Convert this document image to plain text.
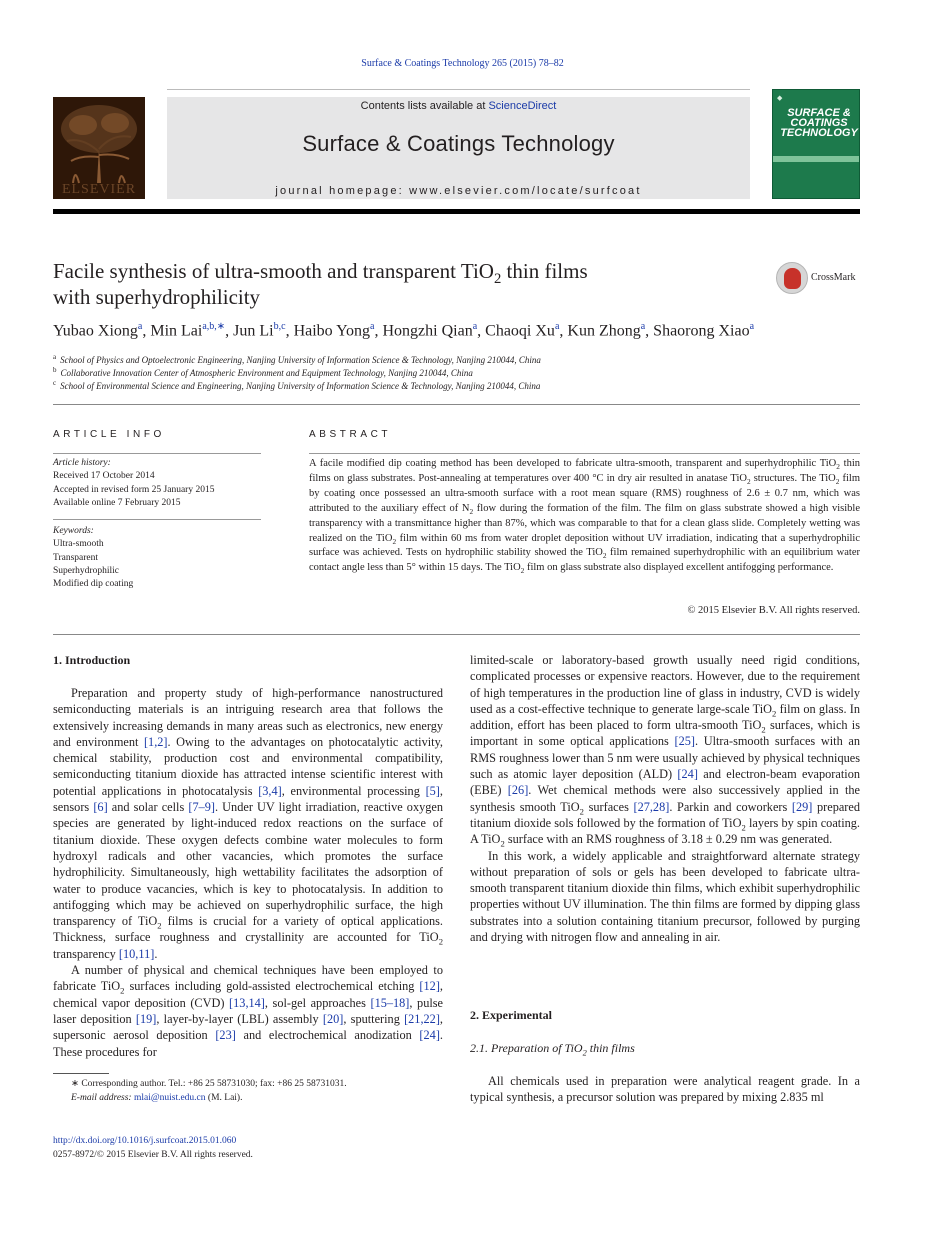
Surface & Coatings Technology 265 (2015) 78–82
ELSEVIER
Contents lists available at ScienceDirect
Surface & Coatings Technology
journal homepage: www.elsevier.com/locate/surfcoat
◆
SURFACE & COATINGS TECHNOLOGY
Facile synthesis of ultra-smooth and transparent TiO$_2$ thin films
with superhydrophilicity
CrossMark
Yubao Xiong$^a$, Min Lai$^{a,b,∗}$, Jun Li$^{b,c}$, Haibo Yong$^a$, Hongzhi Qian$^a$, Chaoqi Xu$^a$, Kun Zhong$^a$, Shaorong Xiao$^a$
$^a$ School of Physics and Optoelectronic Engineering, Nanjing University of Information Science & Technology, Nanjing 210044, China
$^b$ Collaborative Innovation Center of Atmospheric Environment and Equipment Technology, Nanjing 210044, China
$^c$ School of Environmental Science and Engineering, Nanjing University of Information Science & Technology, Nanjing 210044, China
ARTICLE INFO	ABSTRACT
Article history:
Received 17 October 2014
Accepted in revised form 25 January 2015
Available online 7 February 2015
Keywords:
Ultra-smooth
Transparent
Superhydrophilic
Modified dip coating
A facile modified dip coating method has been developed to fabricate ultra-smooth, transparent and superhydrophilic TiO$_2$ thin films on glass substrates. Post-annealing at temperatures over 400 °C in dry air resulted in anatase TiO$_2$ structures. The TiO$_2$ film by coating once possessed an ultra-smooth surface with a root mean square (RMS) roughness of 2.6 ± 0.7 nm, which was attributed to the auxiliary effect of $N_2$ flow during the formation of the film. The film on glass substrate showed a high visible transparency with a transmittance higher than 87%, which was comparable to that for a clean glass slide. Completely wetting was realized on the TiO$_2$ film within 60 ms from water droplet deposition without UV irradiation, indicating that a superhydrophilic surface was achieved. Tests on hydrophilic stability showed the TiO$_2$ film remained superhydrophilic with an equilibrium water contact angle less than 5° within 15 days. The TiO$_2$ film on glass substrate also displayed excellent antifogging performance.
© 2015 Elsevier B.V. All rights reserved.
1. Introduction

Preparation and property study of high-performance nanostructured semiconducting materials is an intriguing research area that follows the extensively increasing demands in many areas such as electronics, new energy and environment [1,2]. Owing to the advantages on photocatalytic activity, chemical stability, production cost and environmental compatibility, semiconducting titanium dioxide has attracted intense scientific interest with potential applications in photocatalysis [3,4], environmental processing [5], sensors [6] and solar cells [7–9]. Under UV light irradiation, reactive oxygen species are generated by light-induced redox reactions on the surface of titanium dioxide. These oxygen defects combine water molecules to form hydroxyl radicals and other vacancies, which promotes the surface hydrophilicity. Simultaneously, high wettability facilitates the adsorption of water to produce vacancies, which is key to photocatalysis. In addition to antifogging which may be achieved on superhydrophilic surface, the high transparency of TiO$_2$ films is crucial for a variety of optical applications. Thickness, surface roughness and crystallinity are accounted for TiO$_2$ transparency [10,11].

A number of physical and chemical techniques have been employed to fabricate TiO$_2$ surfaces including gold-assisted electrochemical etching [12], chemical vapor deposition (CVD) [13,14], sol-gel approaches [15–18], pulse laser deposition [19], layer-by-layer (LBL) assembly [20], sputtering [21,22], supersonic aerosol deposition [23] and electrochemical anodization [24]. These procedures for

limited-scale or laboratory-based growth usually need rigid conditions, complicated processes or expensive reactors. However, due to the requirement of high temperatures in the production line of glass in industry, CVD is widely used as a cost-effective technique to generate large-scale TiO$_2$ film on glass. In addition, effort has been placed to form ultra-smooth TiO$_2$ surfaces, which is important in some optical applications [25]. Ultra-smooth surfaces with an RMS roughness lower than 5 nm were usually achieved by physical techniques such as atomic layer deposition (ALD) [24] and electron-beam evaporation (EBE) [26]. Wet chemical methods were also successively applied in the synthesis smooth TiO$_2$ surfaces [27,28]. Parkin and coworkers [29] prepared titanium dioxide sols followed by the formation of TiO$_2$ layers by spin coating. A TiO$_2$ surface with an RMS roughness of 3.18 ± 0.29 nm was generated.

In this work, a widely applicable and straightforward alternate strategy without preparation of sols or gels has been developed to fabricate ultra-smooth transparent titanium dioxide thin films, which exhibit superhydrophilic properties without UV illumination. The thin films are formed by dipping glass substrates into a solution containing titanium precursor, followed by purging and drying with nitrogen flow and annealing in air.

2. Experimental
2.1. Preparation of TiO$_2$ thin films

All chemicals used in preparation were analytical reagent grade. In a typical synthesis, a precursor solution was prepared by mixing 2.835 ml

∗ Corresponding author. Tel.: +86 25 58731030; fax: +86 25 58731031.
E-mail address: mlai@nuist.edu.cn (M. Lai).
http://dx.doi.org/10.1016/j.surfcoat.2015.01.060
0257-8972/© 2015 Elsevier B.V. All rights reserved.
